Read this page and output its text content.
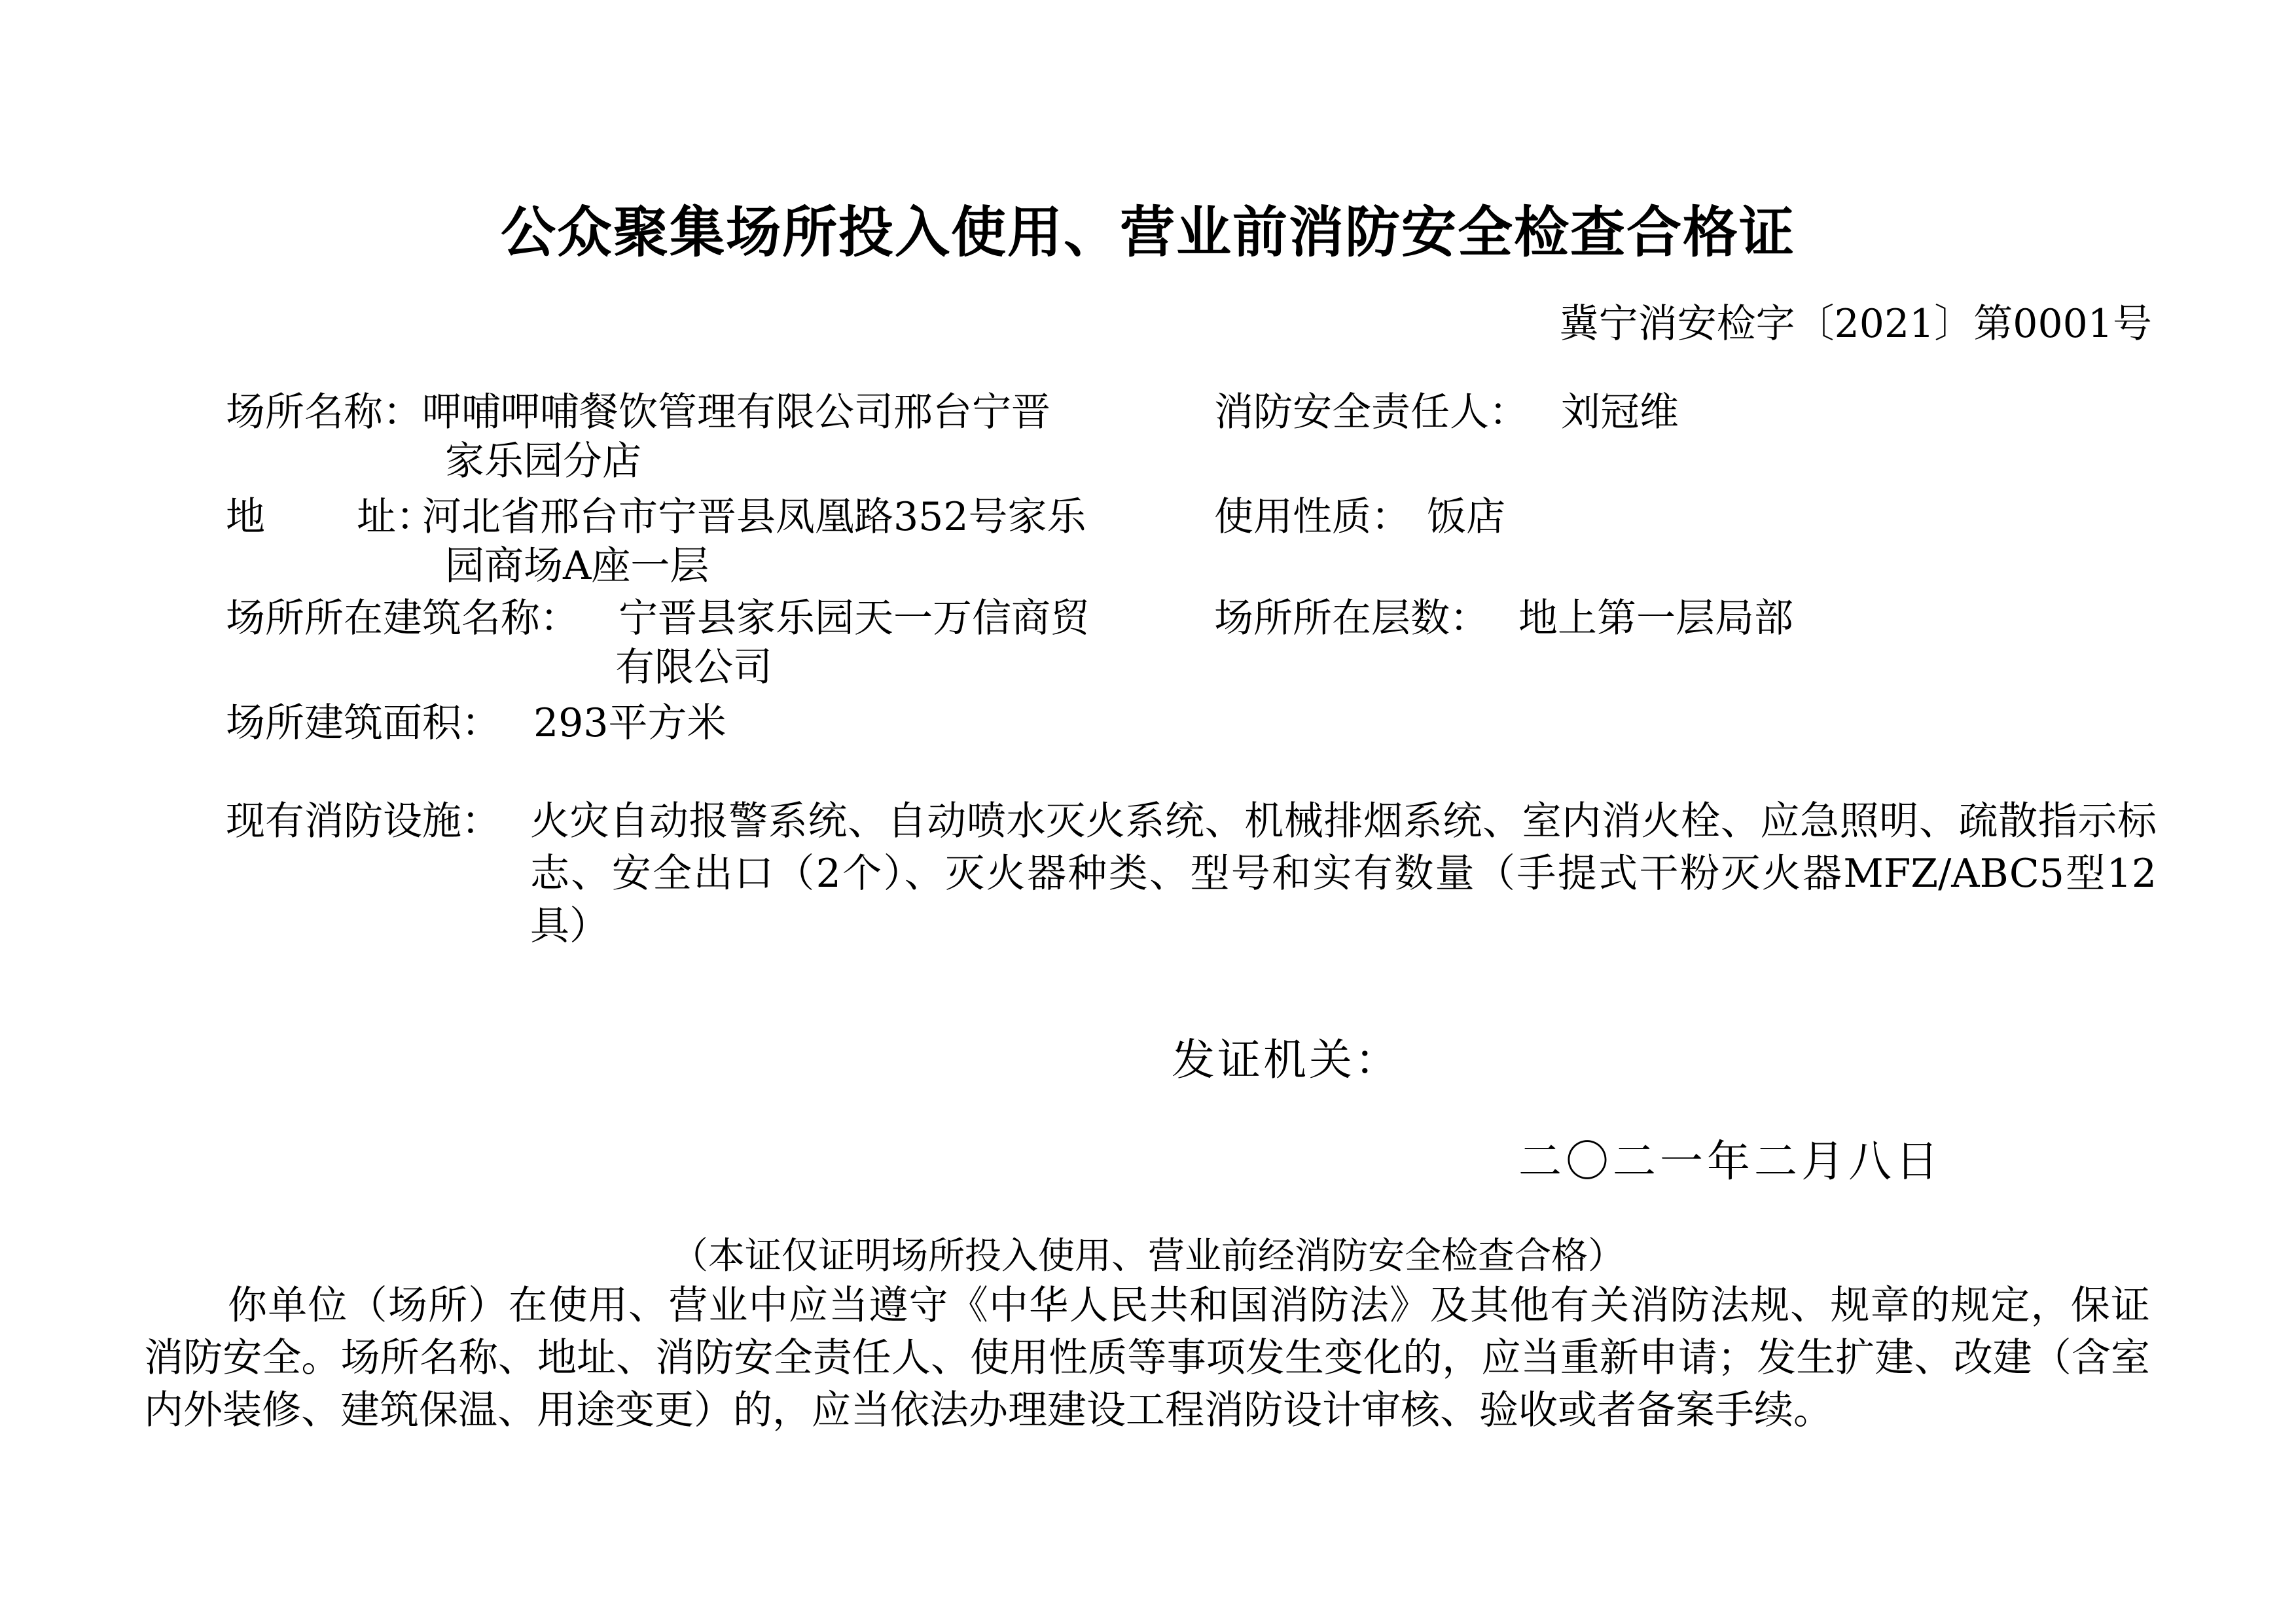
公众聚集场所投入使用、营业前消防安全检查合格证
冀宁消安检字〔2021〕第0001号
场所名称： 呷哺呷哺餐饮管理有限公司邢台宁晋
家乐园分店
消防安全责任人： 刘冠维
地 址：
河北省邢台市宁晋县凤凰路352号家乐
园商场A座一层
使用性质： 饭店
场所所在建筑名称： 宁晋县家乐园天一万信商贸
有限公司
场所所在层数： 地上第一层局部
场所建筑面积： 293平方米
现有消防设施： 火灾自动报警系统、自动喷水灭火系统、机械排烟系统、室内消火栓、应急照明、疏散指示标志、安全出口（2个）、灭火器种类、型号和实有数量（手提式干粉灭火器MFZ/ABC5型12具）
发证机关：
二〇二一年二月八日
（本证仅证明场所投入使用、营业前经消防安全检查合格）
你单位（场所）在使用、营业中应当遵守《中华人民共和国消防法》及其他有关消防法规、规章的规定，保证消防安全。场所名称、地址、消防安全责任人、使用性质等事项发生变化的，应当重新申请；发生扩建、改建（含室内外装修、建筑保温、用途变更）的，应当依法办理建设工程消防设计审核、验收或者备案手续。
